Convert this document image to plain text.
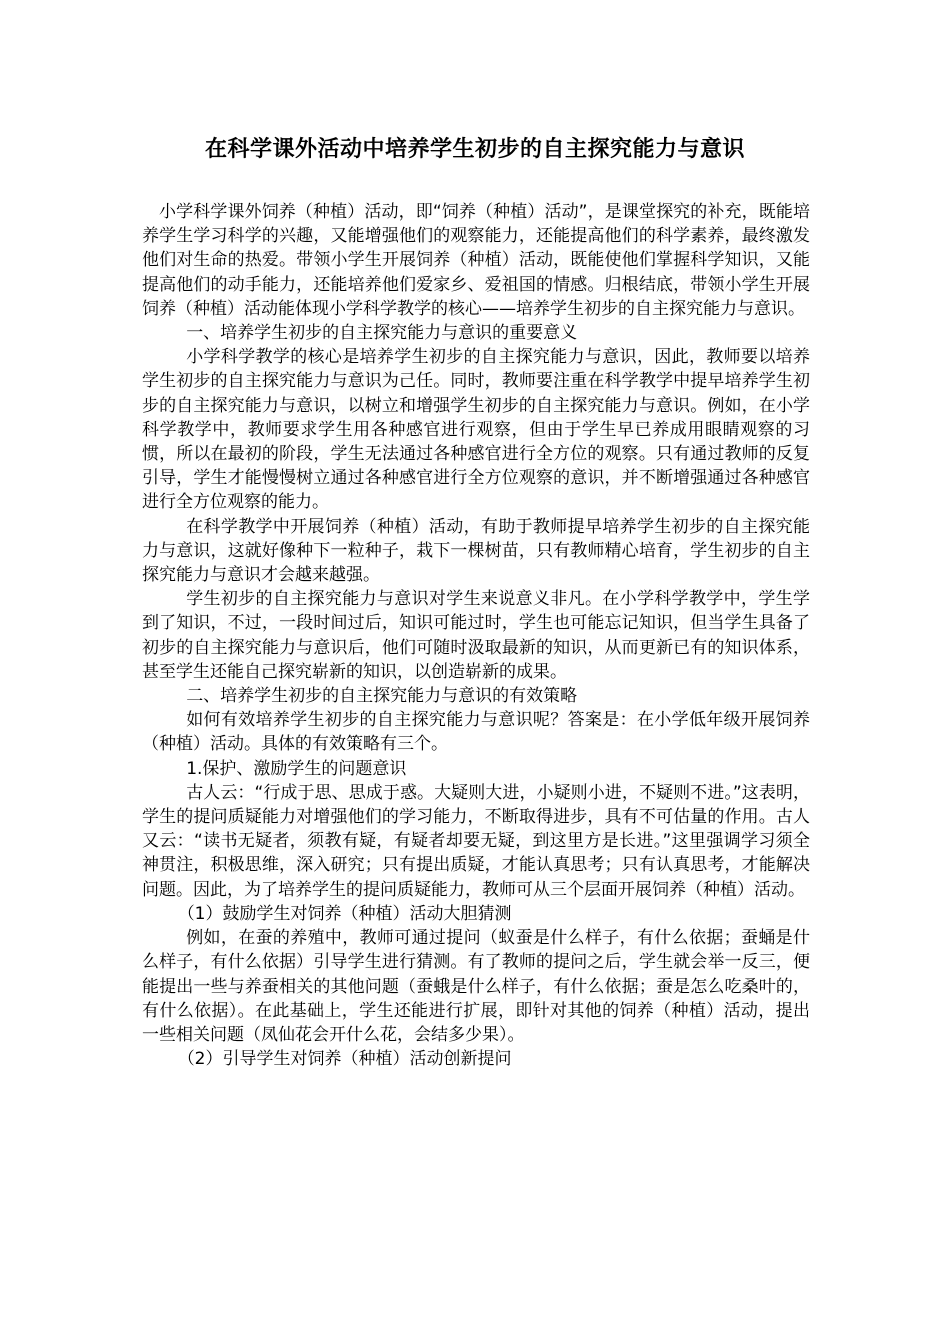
在科学课外活动中培养学生初步的自主探究能力与意识

小学科学课外饲养（种植）活动，即“饲养（种植）活动”，是课堂探究的补充，既能培养学生学习科学的兴趣，又能增强他们的观察能力，还能提高他们的科学素养，最终激发他们对生命的热爱。带领小学生开展饲养（种植）活动，既能使他们掌握科学知识，又能提高他们的动手能力，还能培养他们爱家乡、爱祖国的情感。归根结底，带领小学生开展饲养（种植）活动能体现小学科学教学的核心——培养学生初步的自主探究能力与意识。

一、培养学生初步的自主探究能力与意识的重要意义

小学科学教学的核心是培养学生初步的自主探究能力与意识，因此，教师要以培养学生初步的自主探究能力与意识为己任。同时，教师要注重在科学教学中提早培养学生初步的自主探究能力与意识，以树立和增强学生初步的自主探究能力与意识。例如，在小学科学教学中，教师要求学生用各种感官进行观察，但由于学生早已养成用眼睛观察的习惯，所以在最初的阶段，学生无法通过各种感官进行全方位的观察。只有通过教师的反复引导，学生才能慢慢树立通过各种感官进行全方位观察的意识，并不断增强通过各种感官进行全方位观察的能力。

在科学教学中开展饲养（种植）活动，有助于教师提早培养学生初步的自主探究能力与意识，这就好像种下一粒种子，栽下一棵树苗，只有教师精心培育，学生初步的自主探究能力与意识才会越来越强。

学生初步的自主探究能力与意识对学生来说意义非凡。在小学科学教学中，学生学到了知识，不过，一段时间过后，知识可能过时，学生也可能忘记知识，但当学生具备了初步的自主探究能力与意识后，他们可随时汲取最新的知识，从而更新已有的知识体系，甚至学生还能自己探究崭新的知识，以创造崭新的成果。

二、培养学生初步的自主探究能力与意识的有效策略

如何有效培养学生初步的自主探究能力与意识呢？答案是：在小学低年级开展饲养（种植）活动。具体的有效策略有三个。

1.保护、激励学生的问题意识

古人云：“行成于思、思成于惑。大疑则大进，小疑则小进，不疑则不进。”这表明，学生的提问质疑能力对增强他们的学习能力，不断取得进步，具有不可估量的作用。古人又云：“读书无疑者，须教有疑，有疑者却要无疑，到这里方是长进。”这里强调学习须全神贯注，积极思维，深入研究；只有提出质疑，才能认真思考；只有认真思考，才能解决问题。因此，为了培养学生的提问质疑能力，教师可从三个层面开展饲养（种植）活动。

（1）鼓励学生对饲养（种植）活动大胆猜测

例如，在蚕的养殖中，教师可通过提问（蚁蚕是什么样子，有什么依据；蚕蛹是什么样子，有什么依据）引导学生进行猜测。有了教师的提问之后，学生就会举一反三，便能提出一些与养蚕相关的其他问题（蚕蛾是什么样子，有什么依据；蚕是怎么吃桑叶的，有什么依据）。在此基础上，学生还能进行扩展，即针对其他的饲养（种植）活动，提出一些相关问题（凤仙花会开什么花，会结多少果）。

（2）引导学生对饲养（种植）活动创新提问
